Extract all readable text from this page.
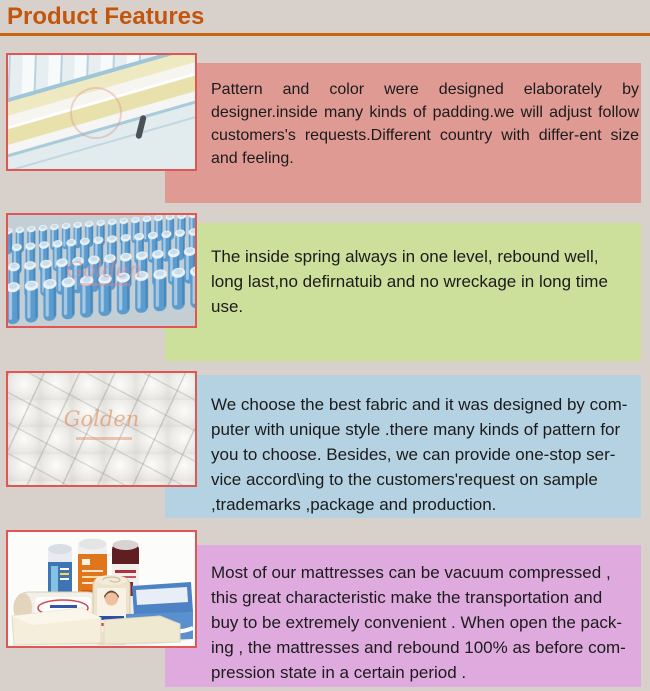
Product Features

Pattern and color were designed elaborately by designer.inside many kinds of padding.we will adjust follow customers's requests.Different country with differ-ent size and feeling.

The inside spring always in one level, rebound well, long last,no defirnatuib and no wreckage in long time use.

Golden

We choose the best fabric and it was designed by com-puter with unique style .there many kinds of pattern for you to choose. Besides, we can provide one-stop ser-vice accord\ing to the customers'request on sample ,trademarks ,package and production.

Golden

Most of our mattresses can be vacuum compressed , this great characteristic make the transportation and buy to be extremely convenient . When open the pack-ing , the mattresses and rebound 100% as before com-pression state in a certain period .
